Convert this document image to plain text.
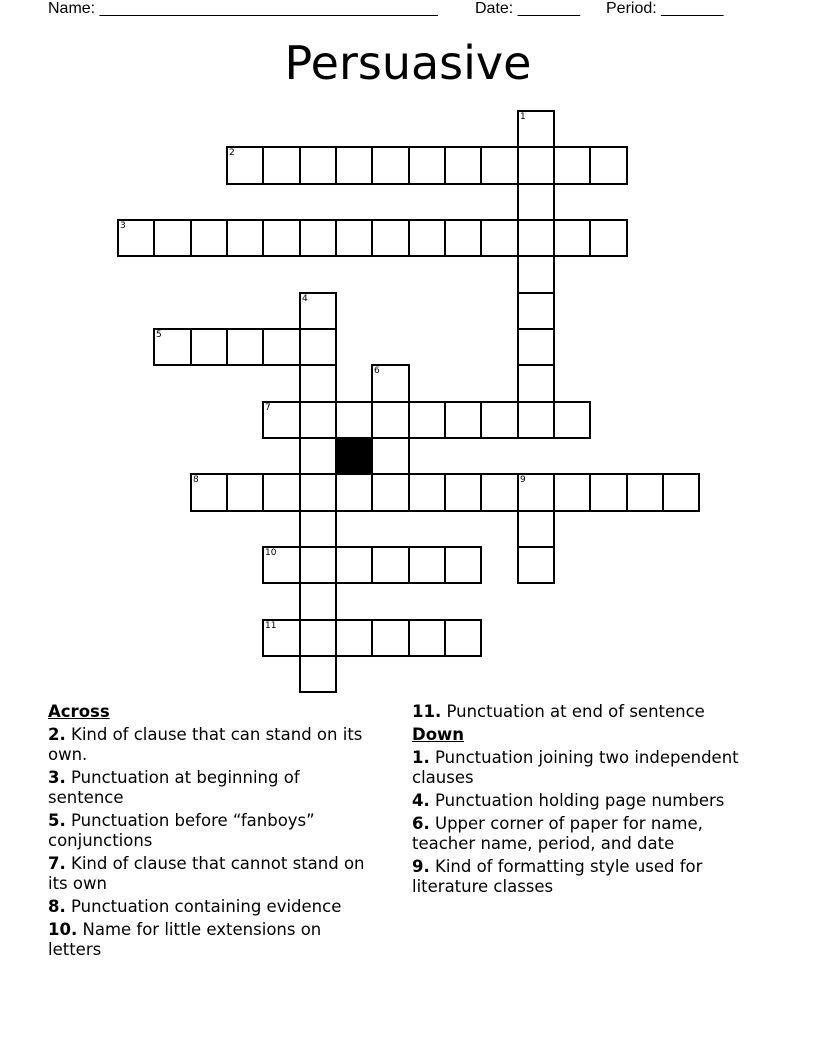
Name: ______________________________________

Date: _______

Period: _______

Persuasive
2
3
5
7
8	9
10
11
1
4
6
Across
2. Kind of clause that can stand on its own.
3. Punctuation at beginning of sentence
5. Punctuation before “fanboys” conjunctions
7. Kind of clause that cannot stand on its own
8. Punctuation containing evidence
10. Name for little extensions on letters
11. Punctuation at end of sentence
Down
1. Punctuation joining two independent clauses
4. Punctuation holding page numbers
6. Upper corner of paper for name, teacher name, period, and date
9. Kind of formatting style used for literature classes
